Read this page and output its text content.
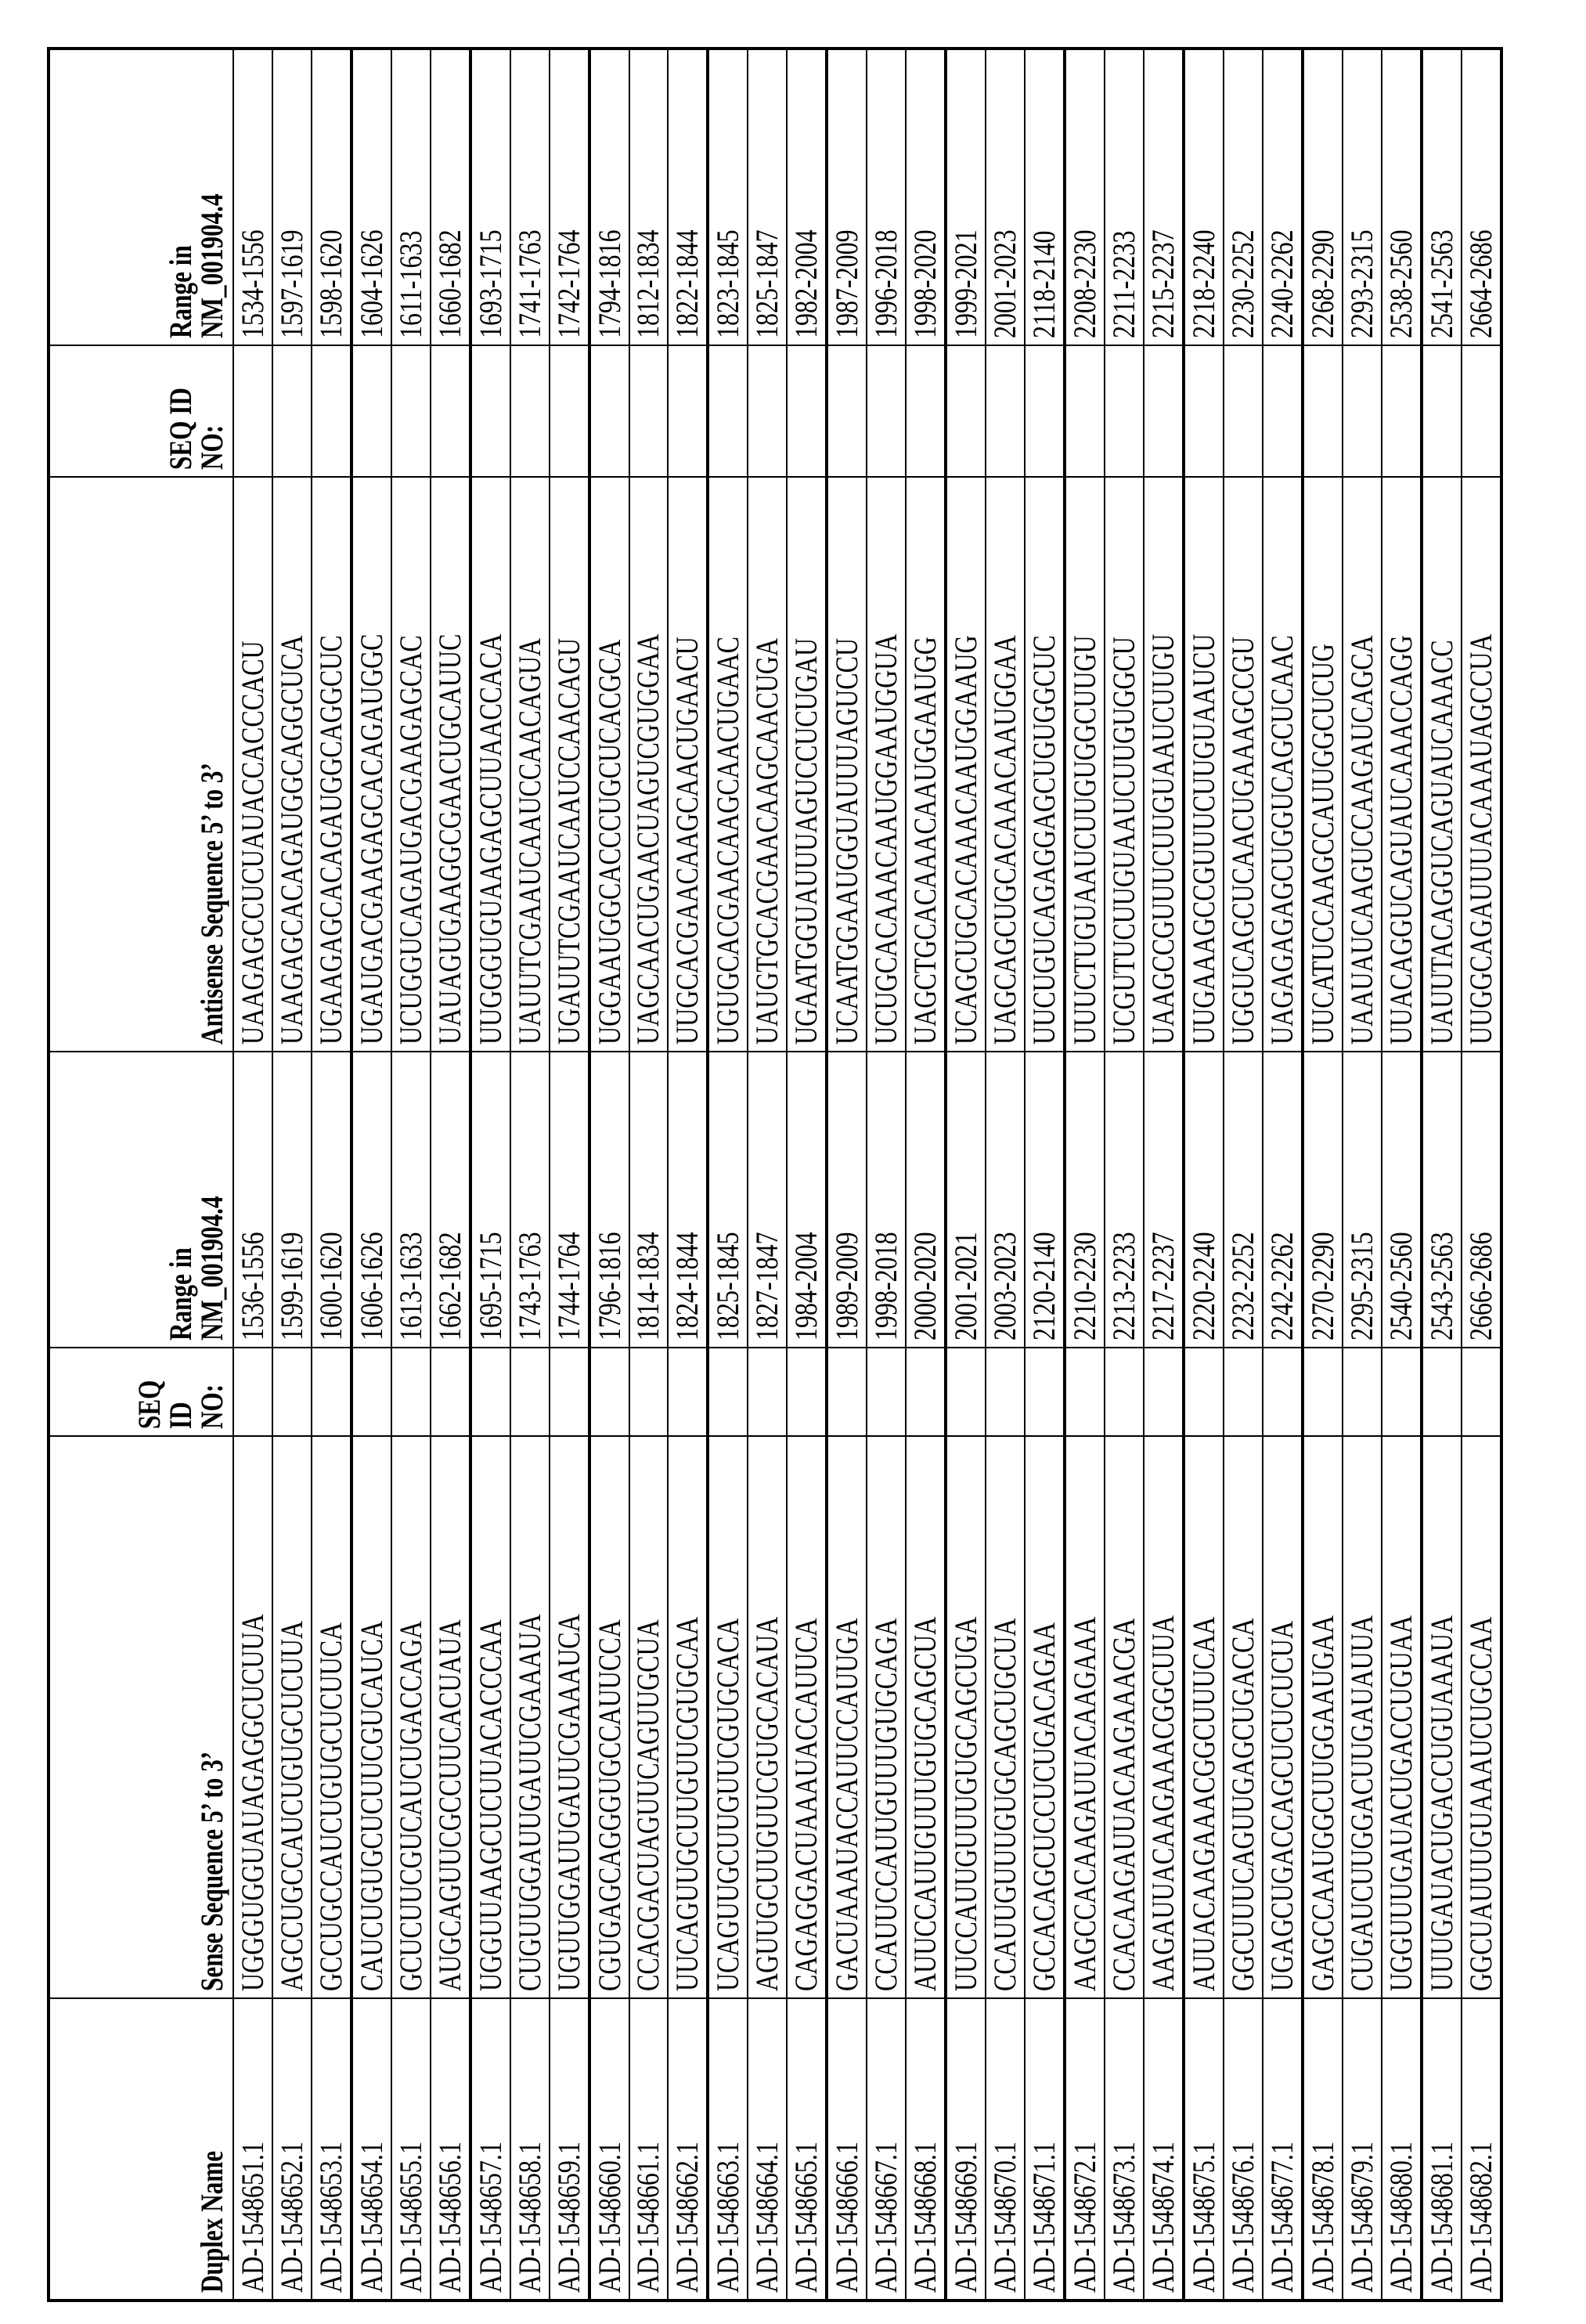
Duplex Name	Sense Sequence 5’ to 3’	SEQ ID NO:	Range in NM_001904.4	Antisense Sequence 5’ to 3’	SEQ ID NO:	Range in NM_001904.4
AD-1548651.1	UGGGUGGUAUAGAGGCUCUUA		1536-1556	UAAGAGCCUCUAUACCACCCACU		1534-1556
AD-1548652.1	AGCCUGCCAUCUGUGCUCUUA		1599-1619	UAAGAGCACAGAUGGCAGGCUCA		1597-1619
AD-1548653.1	GCCUGCCAUCUGUGCUCUUCA		1600-1620	UGAAGAGCACAGAUGGCAGGCUC		1598-1620
AD-1548654.1	CAUCUGUGCUCUUCGUCAUCA		1606-1626	UGAUGACGAAGAGCACAGAUGGC		1604-1626
AD-1548655.1	GCUCUUCGUCAUCUGACCAGA		1613-1633	UCUGGUCAGAUGACGAAGAGCAC		1611-1633
AD-1548656.1	AUGCAGUUCGCCUUCACUAUA		1662-1682	UAUAGUGAAGGCGAACUGCAUUC		1660-1682
AD-1548657.1	UGGUUAAGCUCUUACACCCAA		1695-1715	UUGGGUGUAAGAGCUUAACCACA		1693-1715
AD-1548658.1	CUGUUGGAUUGAUUCGAAAUA		1743-1763	UAUUTCGAAUCAAUCCAACAGUA		1741-1763
AD-1548659.1	UGUUGGAUUGAUUCGAAAUCA		1744-1764	UGAUUTCGAAUCAAUCCAACAGU		1742-1764
AD-1548660.1	CGUGAGCAGGGUGCCAUUCCA		1796-1816	UGGAAUGGCACCCUGCUCACGCA		1794-1816
AD-1548661.1	CCACGACUAGUUCAGUUGCUA		1814-1834	UAGCAACUGAACUAGUCGUGGAA		1812-1834
AD-1548662.1	UUCAGUUGCUUGUUCGUGCAA		1824-1844	UUGCACGAACAAGCAACUGAACU		1822-1844
AD-1548663.1	UCAGUUGCUUGUUCGUGCACA		1825-1845	UGUGCACGAACAAGCAACUGAAC		1823-1845
AD-1548664.1	AGUUGCUUGUUCGUGCACAUA		1827-1847	UAUGTGCACGAACAAGCAACUGA		1825-1847
AD-1548665.1	CAGAGGACUAAAUACCAUUCA		1984-2004	UGAATGGUAUUUAGUCCUCUGAU		1982-2004
AD-1548666.1	GACUAAAUACCAUUCCAUUGA		1989-2009	UCAATGGAAUGGUAUUUAGUCCU		1987-2009
AD-1548667.1	CCAUUCCAUUGUUUGUGCAGA		1998-2018	UCUGCACAAACAAUGGAAUGGUA		1996-2018
AD-1548668.1	AUUCCAUUGUUUGUGCAGCUA		2000-2020	UAGCTGCACAAACAAUGGAAUGG		1998-2020
AD-1548669.1	UUCCAUUGUUUGUGCAGCUGA		2001-2021	UCAGCUGCACAAACAAUGGAAUG		1999-2021
AD-1548670.1	CCAUUGUUUGUGCAGCUGCUA		2003-2023	UAGCAGCUGCACAAACAAUGGAA		2001-2023
AD-1548671.1	GCCACAGCUCCUCUGACAGAA		2120-2140	UUCUGUCAGAGGAGCUGUGGCUC		2118-2140
AD-1548672.1	AAGCCACAAGAUUACAAGAAA		2210-2230	UUUCTUGUAAUCUUGUGGCUUGU		2208-2230
AD-1548673.1	CCACAAGAUUACAAGAAACGA		2213-2233	UCGUTUCUUGUAAUCUUGUGGCU		2211-2233
AD-1548674.1	AAGAUUACAAGAAACGGCUUA		2217-2237	UAAGCCGUUUCUUGUAAUCUUGU		2215-2237
AD-1548675.1	AUUACAAGAAACGGCUUUCAA		2220-2240	UUGAAAGCCGUUUCUUGUAAUCU		2218-2240
AD-1548676.1	GGCUUUCAGUUGAGCUGACCA		2232-2252	UGGUCAGCUCAACUGAAAGCCGU		2230-2252
AD-1548677.1	UGAGCUGACCAGCUCUCUCUA		2242-2262	UAGAGAGAGCUGGUCAGCUCAAC		2240-2262
AD-1548678.1	GAGCCAAUGGCUUGGAAUGAA		2270-2290	UUCATUCCAAGCCAUUGGCUCUG		2268-2290
AD-1548679.1	CUGAUCUUGGACUUGAUAUUA		2295-2315	UAAUAUCAAGUCCAAGAUCAGCA		2293-2315
AD-1548680.1	UGGUUUGAUACUGACCUGUAA		2540-2560	UUACAGGUCAGUAUCAAACCAGG		2538-2560
AD-1548681.1	UUUGAUACUGACCUGUAAAUA		2543-2563	UAUUTACAGGUCAGUAUCAAACC		2541-2563
AD-1548682.1	GGCUAUUUGUAAAUCUGCCAA		2666-2686	UUGGCAGAUUUACAAAUAGCCUA		2664-2686
